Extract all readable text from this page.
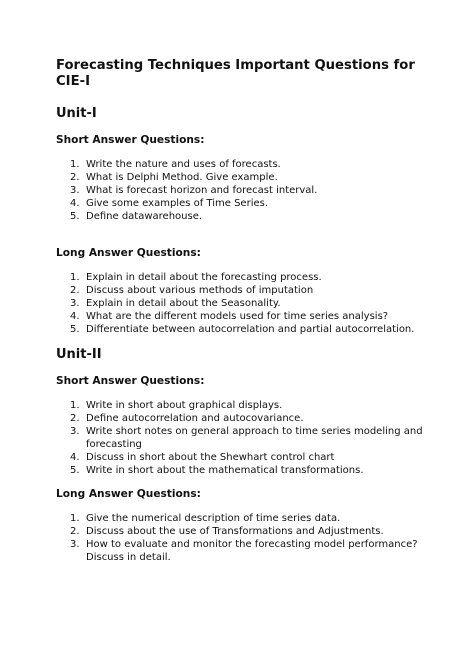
Forecasting Techniques Important Questions for CIE-I
Unit-I
Short Answer Questions:
1. Write the nature and uses of forecasts.
2. What is Delphi Method. Give example.
3. What is forecast horizon and forecast interval.
4. Give some examples of Time Series.
5. Define datawarehouse.
Long Answer Questions:
1. Explain in detail about the forecasting process.
2. Discuss about various methods of imputation
3. Explain in detail about the Seasonality.
4. What are the different models used for time series analysis?
5. Differentiate between autocorrelation and partial autocorrelation.
Unit-II
Short Answer Questions:
1. Write in short about graphical displays.
2. Define autocorrelation and autocovariance.
3. Write short notes on general approach to time series modeling and forecasting
4. Discuss in short about the Shewhart control chart
5. Write in short about the mathematical transformations.
Long Answer Questions:
1. Give the numerical description of time series data.
2. Discuss about the use of Transformations and Adjustments.
3. How to evaluate and monitor the forecasting model performance? Discuss in detail.
